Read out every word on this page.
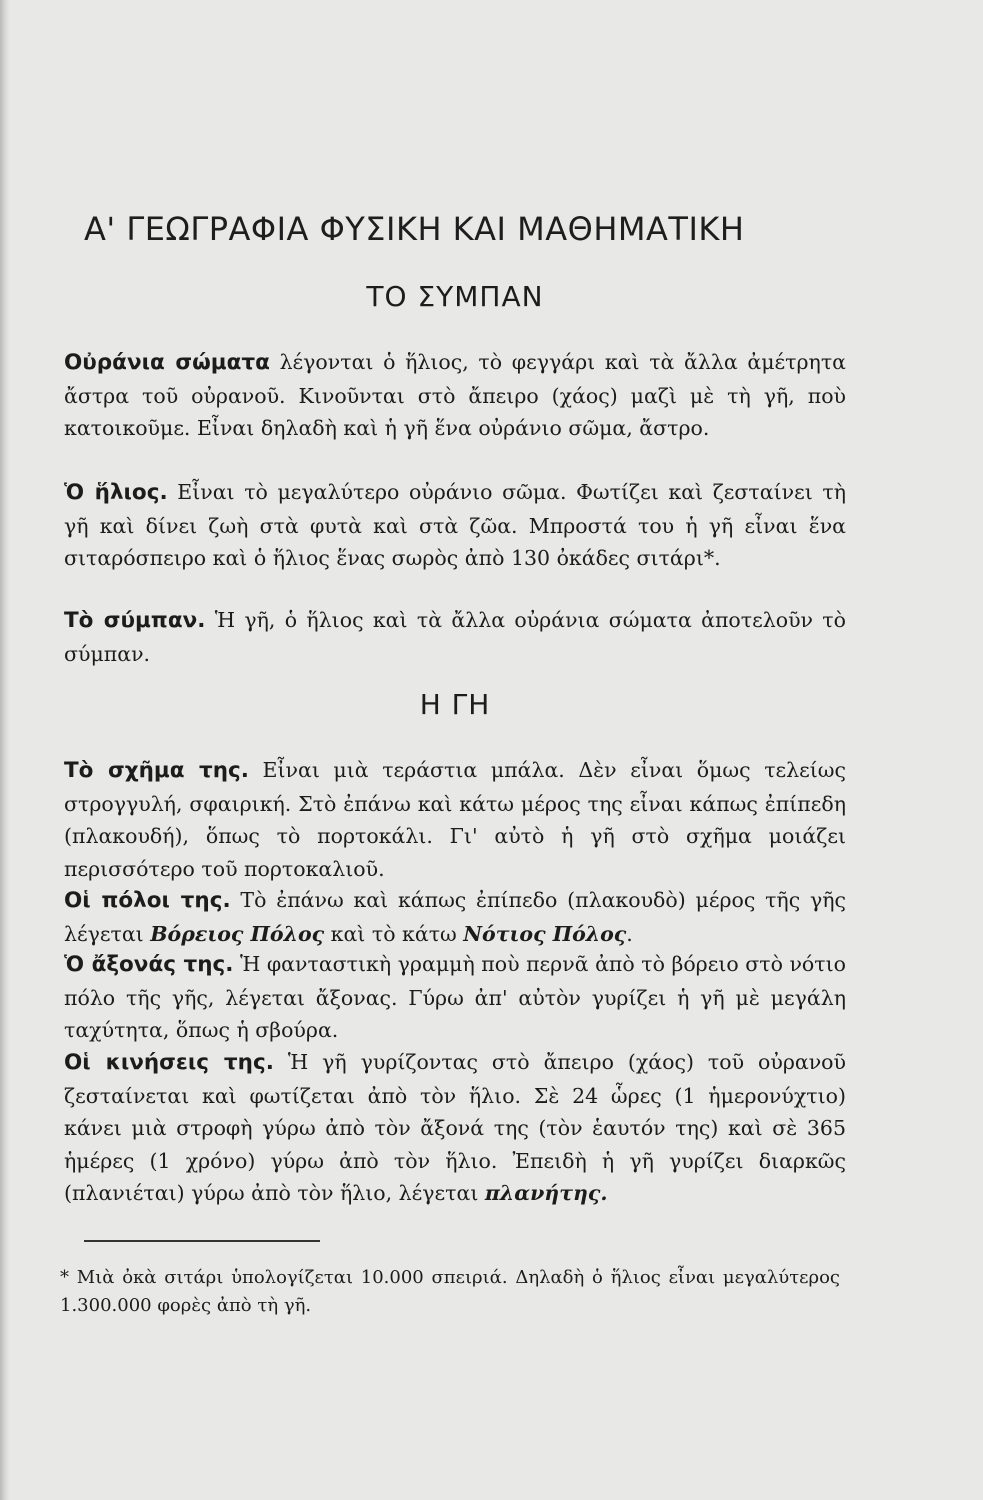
Α' ΓΕΩΓΡΑΦΙΑ ΦΥΣΙΚΗ ΚΑΙ ΜΑΘΗΜΑΤΙΚΗ
ΤΟ ΣΥΜΠΑΝ
Οὐράνια σώματα λέγονται ὁ ἥλιος, τὸ φεγγάρι καὶ τὰ ἄλλα ἀμέτρητα ἄστρα τοῦ οὐρανοῦ. Κινοῦνται στὸ ἄπειρο (χάος) μαζὶ μὲ τὴ γῆ, ποὺ κατοικοῦμε. Εἶναι δηλαδὴ καὶ ἡ γῆ ἕνα οὐράνιο σῶμα, ἄστρο.
Ὁ ἥλιος. Εἶναι τὸ μεγαλύτερο οὐράνιο σῶμα. Φωτίζει καὶ ζεσταίνει τὴ γῆ καὶ δίνει ζωὴ στὰ φυτὰ καὶ στὰ ζῶα. Μπροστά του ἡ γῆ εἶναι ἕνα σιταρόσπειρο καὶ ὁ ἥλιος ἕνας σωρὸς ἀπὸ 130 ὀκάδες σιτάρι*.
Τὸ σύμπαν. Ἡ γῆ, ὁ ἥλιος καὶ τὰ ἄλλα οὐράνια σώματα ἀποτελοῦν τὸ σύμπαν.
Η ΓΗ
Τὸ σχῆμα της. Εἶναι μιὰ τεράστια μπάλα. Δὲν εἶναι ὅμως τελείως στρογγυλή, σφαιρική. Στὸ ἐπάνω καὶ κάτω μέρος της εἶναι κάπως ἐπίπεδη (πλακουδή), ὅπως τὸ πορτοκάλι. Γι' αὐτὸ ἡ γῆ στὸ σχῆμα μοιάζει περισσότερο τοῦ πορτοκαλιοῦ.
Οἱ πόλοι της. Τὸ ἐπάνω καὶ κάπως ἐπίπεδο (πλακουδὸ) μέρος τῆς γῆς λέγεται Βόρειος Πόλος καὶ τὸ κάτω Νότιος Πόλος.
Ὁ ἄξονάς της. Ἡ φανταστικὴ γραμμὴ ποὺ περνᾶ ἀπὸ τὸ βόρειο στὸ νότιο πόλο τῆς γῆς, λέγεται ἄξονας. Γύρω ἀπ' αὐτὸν γυρίζει ἡ γῆ μὲ μεγάλη ταχύτητα, ὅπως ἡ σβούρα.
Οἱ κινήσεις της. Ἡ γῆ γυρίζοντας στὸ ἄπειρο (χάος) τοῦ οὐρανοῦ ζεσταίνεται καὶ φωτίζεται ἀπὸ τὸν ἥλιο. Σὲ 24 ὧρες (1 ἡμερονύχτιο) κάνει μιὰ στροφὴ γύρω ἀπὸ τὸν ἄξονά της (τὸν ἑαυτόν της) καὶ σὲ 365 ἡμέρες (1 χρόνο) γύρω ἀπὸ τὸν ἥλιο. Ἐπειδὴ ἡ γῆ γυρίζει διαρκῶς (πλανιέται) γύρω ἀπὸ τὸν ἥλιο, λέγεται πλανήτης.
* Μιὰ ὀκὰ σιτάρι ὑπολογίζεται 10.000 σπειριά. Δηλαδὴ ὁ ἥλιος εἶναι μεγαλύτερος 1.300.000 φορὲς ἀπὸ τὴ γῆ.
